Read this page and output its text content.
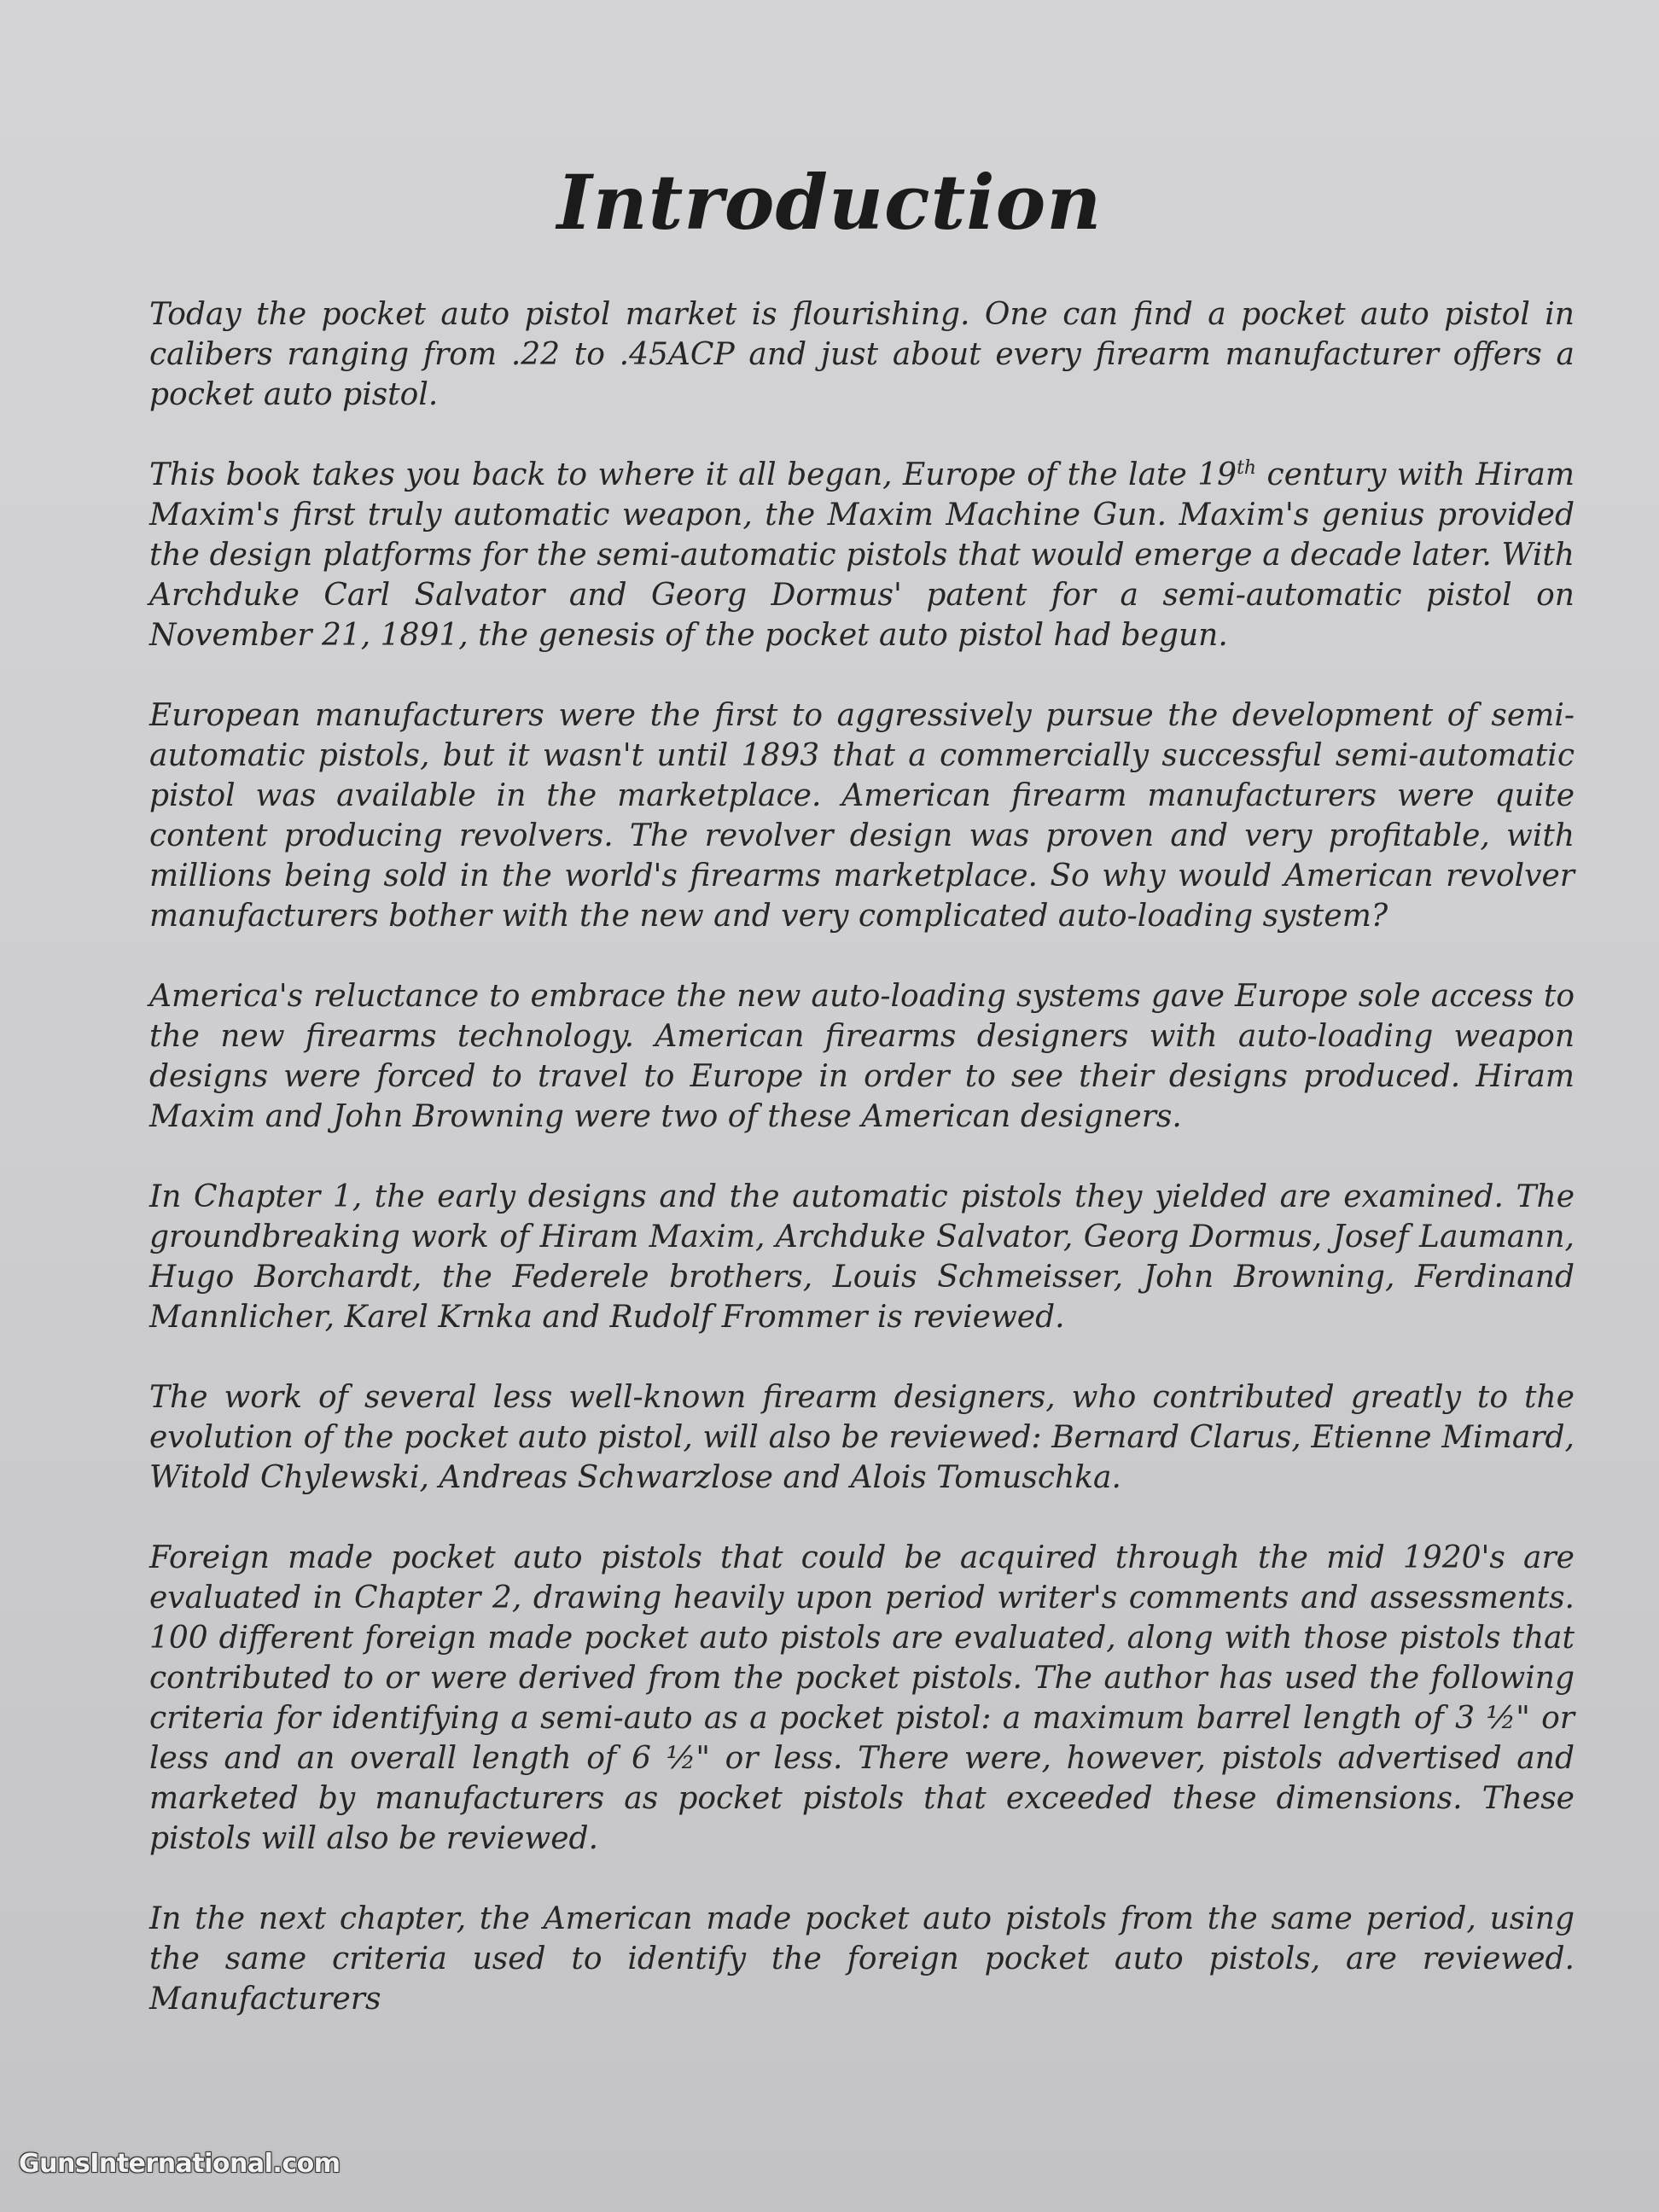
Introduction

Today the pocket auto pistol market is flourishing. One can find a pocket auto pistol in calibers ranging from .22 to .45ACP and just about every firearm manufacturer offers a pocket auto pistol.

This book takes you back to where it all began, Europe of the late 19th century with Hiram Maxim's first truly automatic weapon, the Maxim Machine Gun. Maxim's genius provided the design platforms for the semi-automatic pistols that would emerge a decade later. With Archduke Carl Salvator and Georg Dormus' patent for a semi-automatic pistol on November 21, 1891, the genesis of the pocket auto pistol had begun.

European manufacturers were the first to aggressively pursue the development of semi-automatic pistols, but it wasn't until 1893 that a commercially successful semi-automatic pistol was available in the marketplace. American firearm manufacturers were quite content producing revolvers. The revolver design was proven and very profitable, with millions being sold in the world's firearms marketplace. So why would American revolver manufacturers bother with the new and very complicated auto-loading system?

America's reluctance to embrace the new auto-loading systems gave Europe sole access to the new firearms technology. American firearms designers with auto-loading weapon designs were forced to travel to Europe in order to see their designs produced. Hiram Maxim and John Browning were two of these American designers.

In Chapter 1, the early designs and the automatic pistols they yielded are examined. The groundbreaking work of Hiram Maxim, Archduke Salvator, Georg Dormus, Josef Laumann, Hugo Borchardt, the Federele brothers, Louis Schmeisser, John Browning, Ferdinand Mannlicher, Karel Krnka and Rudolf Frommer is reviewed.

The work of several less well-known firearm designers, who contributed greatly to the evolution of the pocket auto pistol, will also be reviewed: Bernard Clarus, Etienne Mimard, Witold Chylewski, Andreas Schwarzlose and Alois Tomuschka.

Foreign made pocket auto pistols that could be acquired through the mid 1920's are evaluated in Chapter 2, drawing heavily upon period writer's comments and assessments. 100 different foreign made pocket auto pistols are evaluated, along with those pistols that contributed to or were derived from the pocket pistols. The author has used the following criteria for identifying a semi-auto as a pocket pistol: a maximum barrel length of 3 ½" or less and an overall length of 6 ½" or less. There were, however, pistols advertised and marketed by manufacturers as pocket pistols that exceeded these dimensions. These pistols will also be reviewed.

In the next chapter, the American made pocket auto pistols from the same period, using the same criteria used to identify the foreign pocket auto pistols, are reviewed. Manufacturers

GunsInternational.com
